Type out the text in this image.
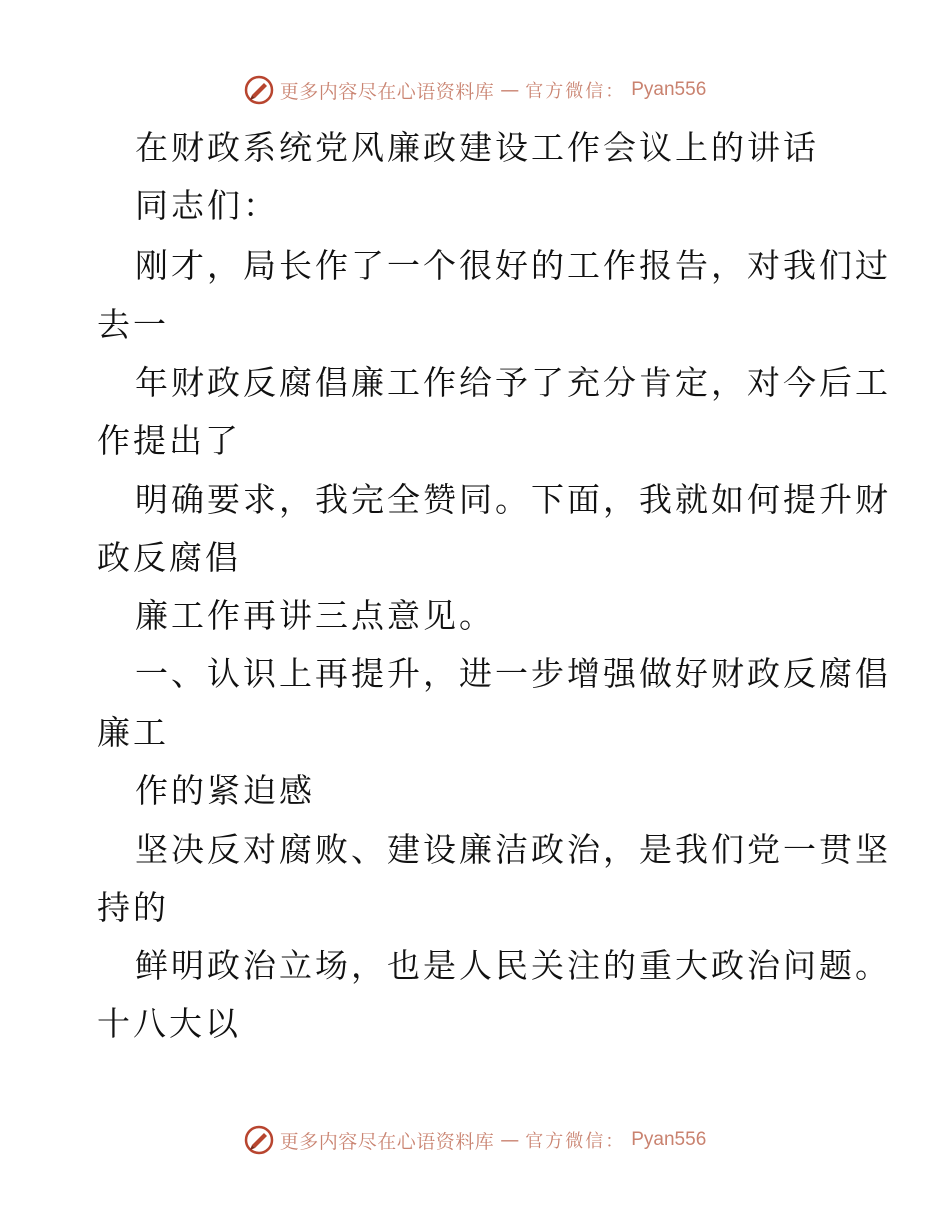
更多内容尽在心语资料库 — 官方微信： Pyan556
在财政系统党风廉政建设工作会议上的讲话
同志们：
刚才，局长作了一个很好的工作报告，对我们过
去一
年财政反腐倡廉工作给予了充分肯定，对今后工
作提出了
明确要求，我完全赞同。下面，我就如何提升财
政反腐倡
廉工作再讲三点意见。
一、认识上再提升，进一步增强做好财政反腐倡
廉工
作的紧迫感
坚决反对腐败、建设廉洁政治，是我们党一贯坚
持的
鲜明政治立场，也是人民关注的重大政治问题。
十八大以
更多内容尽在心语资料库 — 官方微信： Pyan556
